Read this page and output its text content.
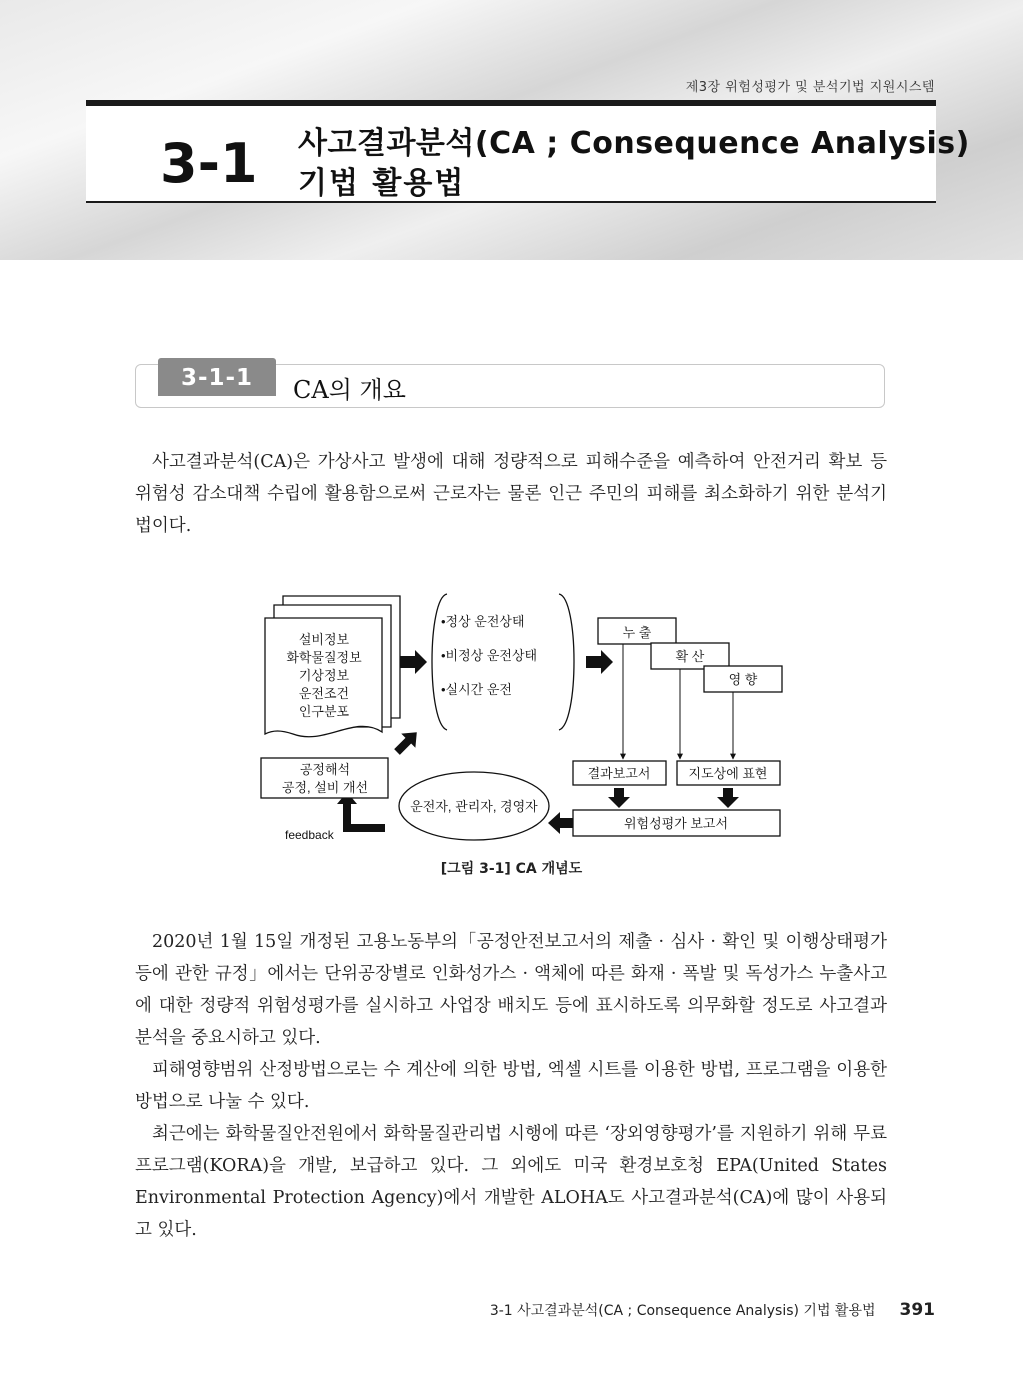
제3장 위험성평가 및 분석기법 지원시스템
3-1 사고결과분석(CA ; Consequence Analysis)
기법 활용법
3-1-1	CA의 개요

사고결과분석(CA)은 가상사고 발생에 대해 정량적으로 피해수준을 예측하여 안전거리 확보 등 위험성 감소대책 수립에 활용함으로써 근로자는 물론 인근 주민의 피해를 최소화하기 위한 분석기법이다.

설비정보
화학물질정보
기상정보
운전조건
인구분포
•정상 운전상태
•비정상 운전상태
•실시간 운전
누 출
확 산
영 향
결과보고서	지도상에 표현
위험성평가 보고서
운전자, 관리자, 경영자
feedback
공정해석
공정, 설비 개선
[그림 3-1] CA 개념도

2020년 1월 15일 개정된 고용노동부의「공정안전보고서의 제출 · 심사 · 확인 및 이행상태평가 등에 관한 규정」에서는 단위공장별로 인화성가스 · 액체에 따른 화재 · 폭발 및 독성가스 누출사고에 대한 정량적 위험성평가를 실시하고 사업장 배치도 등에 표시하도록 의무화할 정도로 사고결과분석을 중요시하고 있다.

피해영향범위 산정방법으로는 수 계산에 의한 방법, 엑셀 시트를 이용한 방법, 프로그램을 이용한 방법으로 나눌 수 있다.

최근에는 화학물질안전원에서 화학물질관리법 시행에 따른 ‘장외영향평가’를 지원하기 위해 무료 프로그램(KORA)을 개발, 보급하고 있다. 그 외에도 미국 환경보호청 EPA(United States Environmental Protection Agency)에서 개발한 ALOHA도 사고결과분석(CA)에 많이 사용되고 있다.

3-1 사고결과분석(CA ; Consequence Analysis) 기법 활용법 391
